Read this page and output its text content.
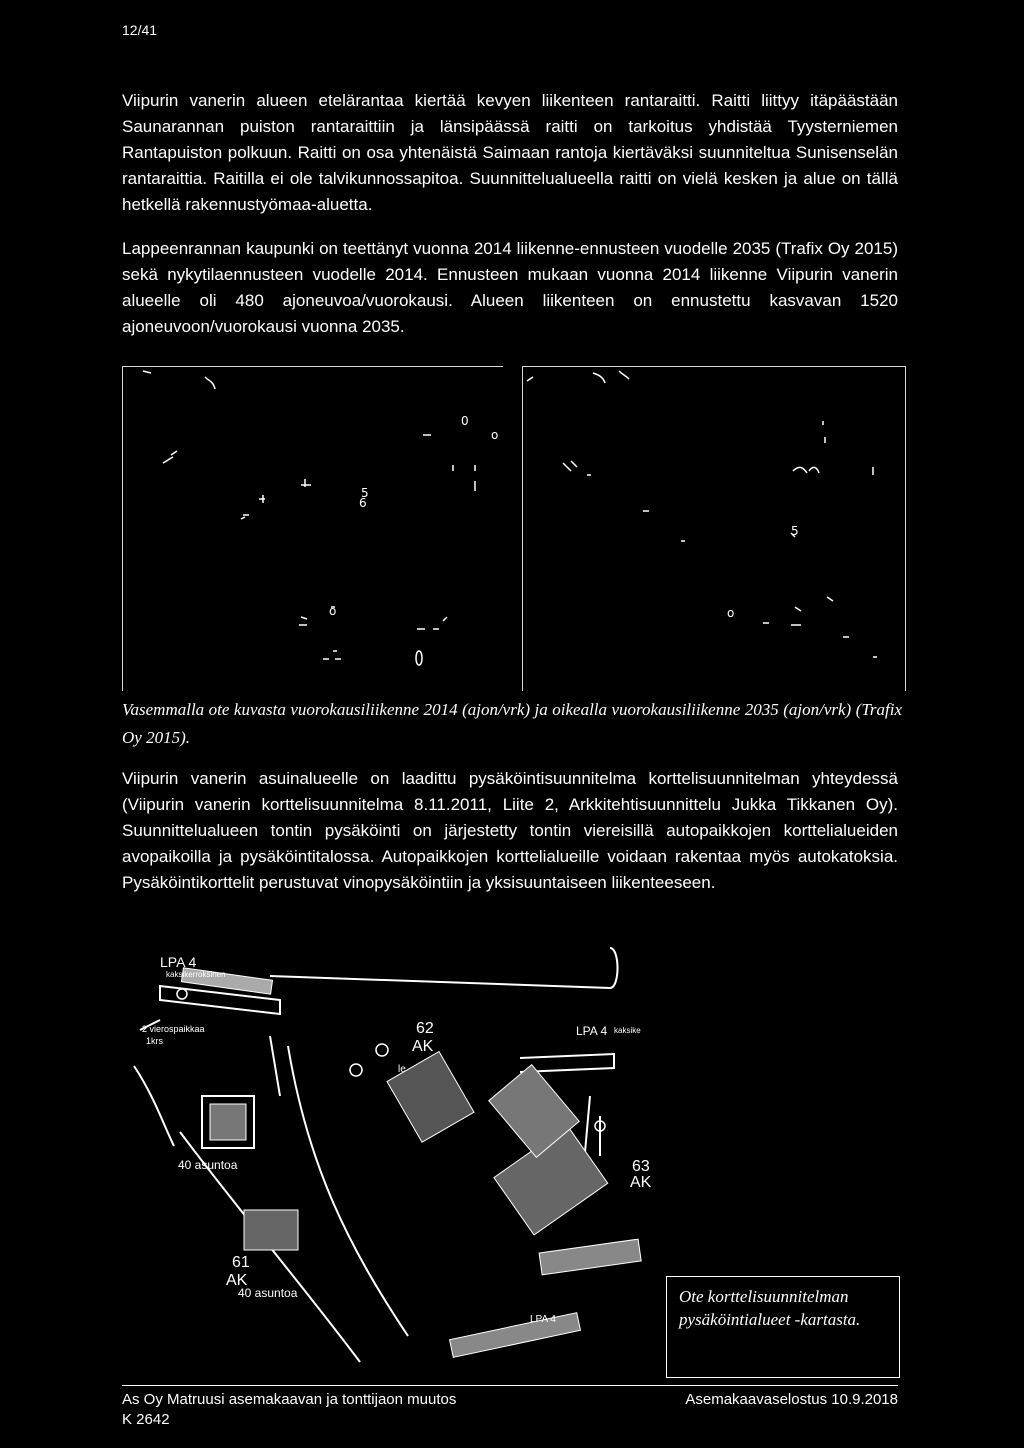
12/41

Viipurin vanerin alueen etelärantaa kiertää kevyen liikenteen rantaraitti. Raitti liittyy itäpäästään Saunarannan puiston rantaraittiin ja länsipäässä raitti on tarkoitus yhdistää Tyysterniemen Rantapuiston polkuun. Raitti on osa yhtenäistä Saimaan rantoja kiertäväksi suunniteltua Sunisenselän rantaraittia. Raitilla ei ole talvikunnossapitoa. Suunnittelualueella raitti on vielä kesken ja alue on tällä hetkellä rakennustyömaa-aluetta.

Lappeenrannan kaupunki on teettänyt vuonna 2014 liikenne-ennusteen vuodelle 2035 (Trafix Oy 2015) sekä nykytilaennusteen vuodelle 2014. Ennusteen mukaan vuonna 2014 liikenne Viipurin vanerin alueelle oli 480 ajoneuvoa/vuorokausi. Alueen liikenteen on ennustettu kasvavan 1520 ajoneuvoon/vuorokausi vuonna 2035.

0
6
5
o
o
o
5

Vasemmalla ote kuvasta vuorokausiliikenne 2014 (ajon/vrk) ja oikealla vuorokausiliikenne 2035 (ajon/vrk) (Trafix Oy 2015).

Viipurin vanerin asuinalueelle on laadittu pysäköintisuunnitelma korttelisuunnitelman yhteydessä (Viipurin vanerin korttelisuunnitelma 8.11.2011, Liite 2, Arkkitehtisuunnittelu Jukka Tikkanen Oy). Suunnittelualueen tontin pysäköinti on järjestetty tontin viereisillä autopaikkojen korttelialueiden avopaikoilla ja pysäköintitalossa. Autopaikkojen korttelialueille voidaan rakentaa myös autokatoksia. Pysäköintikorttelit perustuvat vinopysäköintiin ja yksisuuntaiseen liikenteeseen.

LPA 4
kaksikerroksinen
2 vierospaikkaa
1krs
62
AK
LPA 4 kaksike
63
AK
40 asuntoa
61
AK
40 asuntoa
LPA 4
le
Ote korttelisuunnitelman pysäköintialueet -kartasta.
As Oy Matruusi asemakaavan ja tonttijaon muutos
K 2642
Asemakaavaselostus 10.9.2018
